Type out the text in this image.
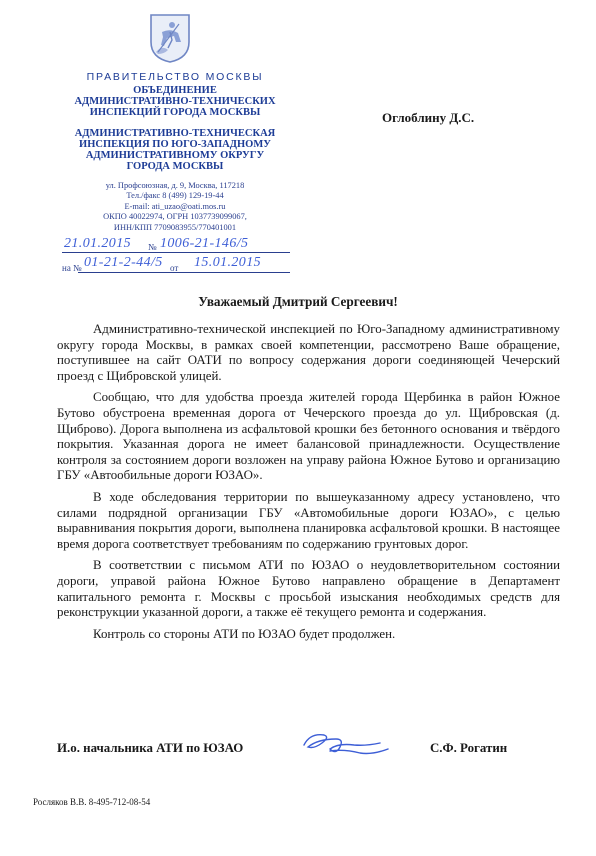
ПРАВИТЕЛЬСТВО МОСКВЫ
ОБЪЕДИНЕНИЕ
АДМИНИСТРАТИВНО-ТЕХНИЧЕСКИХ
ИНСПЕКЦИЙ ГОРОДА МОСКВЫ
АДМИНИСТРАТИВНО-ТЕХНИЧЕСКАЯ
ИНСПЕКЦИЯ ПО ЮГО-ЗАПАДНОМУ
АДМИНИСТРАТИВНОМУ ОКРУГУ
ГОРОДА МОСКВЫ
ул. Профсоюзная, д. 9, Москва, 117218
Тел./факс 8 (499) 129-19-44
E-mail: ati_uzao@oati.mos.ru
ОКПО 40022974, ОГРН 1037739099067,
ИНН/КПП 7709083955/770401001
21.01.2015 № 1006-21-146/5
на № 01-21-2-44/5 от 15.01.2015
Оглоблину Д.С.
Уважаемый Дмитрий Сергеевич!

Административно-технической инспекцией по Юго-Западному административному округу города Москвы, в рамках своей компетенции, рассмотрено Ваше обращение, поступившее на сайт ОАТИ по вопросу содержания дороги соединяющей Чечерский проезд с Щибровской улицей.

Сообщаю, что для удобства проезда жителей города Щербинка в район Южное Бутово обустроена временная дорога от Чечерского проезда до ул. Щибровская (д. Щиброво). Дорога выполнена из асфальтовой крошки без бетонного основания и твёрдого покрытия. Указанная дорога не имеет балансовой принадлежности. Осуществление контроля за состоянием дороги возложен на управу района Южное Бутово и организацию ГБУ «Автообильные дороги ЮЗАО».

В ходе обследования территории по вышеуказанному адресу установлено, что силами подрядной организации ГБУ «Автомобильные дороги ЮЗАО», с целью выравнивания покрытия дороги, выполнена планировка асфальтовой крошки. В настоящее время дорога соответствует требованиям по содержанию грунтовых дорог.

В соответствии с письмом АТИ по ЮЗАО о неудовлетворительном состоянии дороги, управой района Южное Бутово направлено обращение в Департамент капитального ремонта г. Москвы с просьбой изыскания необходимых средств для реконструкции указанной дороги, а также её текущего ремонта и содержания.

Контроль со стороны АТИ по ЮЗАО будет продолжен.

И.о. начальника АТИ по ЮЗАО	С.Ф. Рогатин
Росляков В.В. 8-495-712-08-54
